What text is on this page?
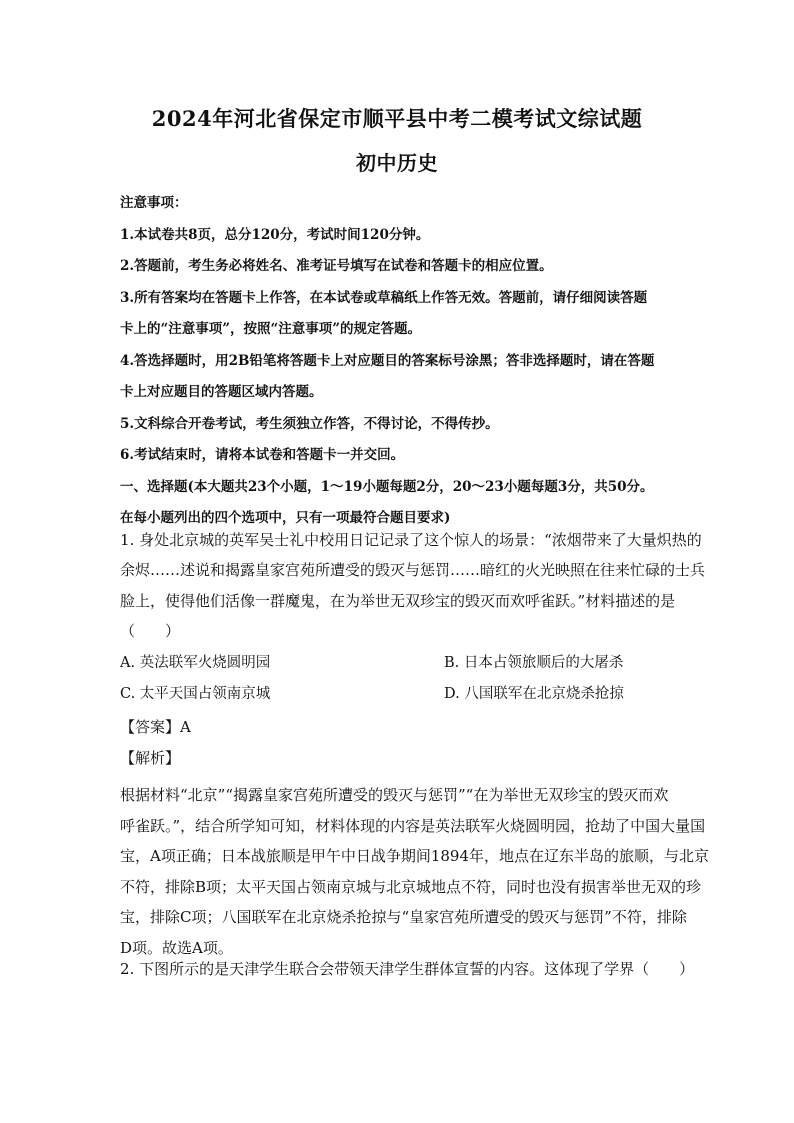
2024年河北省保定市顺平县中考二模考试文综试题
初中历史
注意事项：
1.本试卷共8页，总分120分，考试时间120分钟。
2.答题前，考生务必将姓名、准考证号填写在试卷和答题卡的相应位置。
3.所有答案均在答题卡上作答，在本试卷或草稿纸上作答无效。答题前，请仔细阅读答题
卡上的“注意事项”，按照“注意事项”的规定答题。
4.答选择题时，用2B铅笔将答题卡上对应题目的答案标号涂黑；答非选择题时，请在答题
卡上对应题目的答题区域内答题。
5.文科综合开卷考试，考生须独立作答，不得讨论，不得传抄。
6.考试结束时，请将本试卷和答题卡一并交回。
一、选择题(本大题共23个小题，1～19小题每题2分，20～23小题每题3分，共50分。
在每小题列出的四个选项中，只有一项最符合题目要求)
1. 身处北京城的英军吴士礼中校用日记记录了这个惊人的场景：“浓烟带来了大量炽热的
余烬……述说和揭露皇家宫苑所遭受的毁灭与惩罚……暗红的火光映照在往来忙碌的士兵
脸上，使得他们活像一群魔鬼，在为举世无双珍宝的毁灭而欢呼雀跃。”材料描述的是
（　　）
A. 英法联军火烧圆明园	B. 日本占领旅顺后的大屠杀
C. 太平天国占领南京城	D. 八国联军在北京烧杀抢掠
【答案】A
【解析】
根据材料“北京”“揭露皇家宫苑所遭受的毁灭与惩罚”“在为举世无双珍宝的毁灭而欢
呼雀跃。”，结合所学知可知，材料体现的内容是英法联军火烧圆明园，抢劫了中国大量国
宝，A项正确；日本战旅顺是甲午中日战争期间1894年，地点在辽东半岛的旅顺，与北京
不符，排除B项；太平天国占领南京城与北京城地点不符，同时也没有损害举世无双的珍
宝，排除C项；八国联军在北京烧杀抢掠与“皇家宫苑所遭受的毁灭与惩罚”不符，排除
D项。故选A项。
2. 下图所示的是天津学生联合会带领天津学生群体宣誓的内容。这体现了学界（　　）
